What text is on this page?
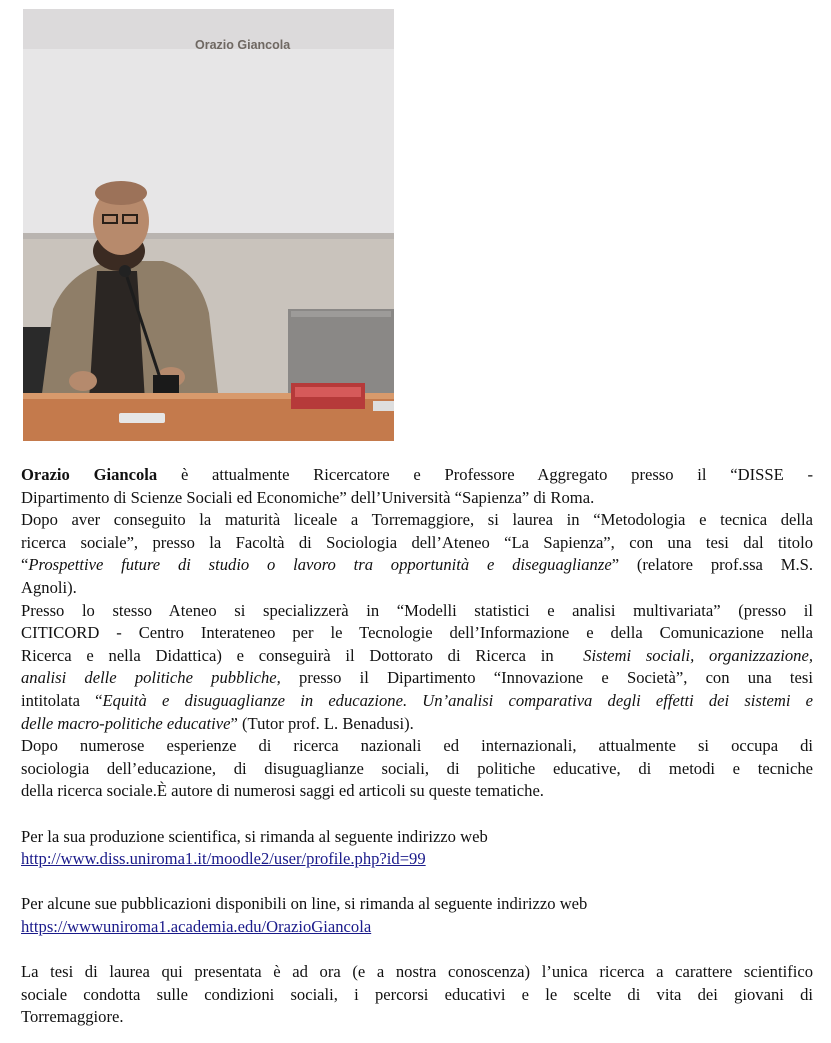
Orazio Giancola

Orazio Giancola è attualmente Ricercatore e Professore Aggregato presso il “DISSE -

Dipartimento di Scienze Sociali ed Economiche” dell’Università “Sapienza” di Roma.

Dopo aver conseguito la maturità liceale a Torremaggiore, si laurea in “Metodologia e tecnica della

ricerca sociale”, presso la Facoltà di Sociologia dell’Ateneo “La Sapienza”, con una tesi dal titolo

“Prospettive future di studio o lavoro tra opportunità e diseguaglianze” (relatore prof.ssa M.S.

Agnoli).

Presso lo stesso Ateneo si specializzerà in “Modelli statistici e analisi multivariata” (presso il

CITICORD - Centro Interateneo per le Tecnologie dell’Informazione e della Comunicazione nella

Ricerca e nella Didattica) e conseguirà il Dottorato di Ricerca in Sistemi sociali, organizzazione,

analisi delle politiche pubbliche, presso il Dipartimento “Innovazione e Società”, con una tesi

intitolata “Equità e disuguaglianze in educazione. Un’analisi comparativa degli effetti dei sistemi e

delle macro-politiche educative” (Tutor prof. L. Benadusi).

Dopo numerose esperienze di ricerca nazionali ed internazionali, attualmente si occupa di

sociologia dell’educazione, di disuguaglianze sociali, di politiche educative, di metodi e tecniche

della ricerca sociale.È autore di numerosi saggi ed articoli su queste tematiche.

Per la sua produzione scientifica, si rimanda al seguente indirizzo web

http://www.diss.uniroma1.it/moodle2/user/profile.php?id=99

Per alcune sue pubblicazioni disponibili on line, si rimanda al seguente indirizzo web

https://wwwuniroma1.academia.edu/OrazioGiancola

La tesi di laurea qui presentata è ad ora (e a nostra conoscenza) l’unica ricerca a carattere scientifico

sociale condotta sulle condizioni sociali, i percorsi educativi e le scelte di vita dei giovani di

Torremaggiore.
